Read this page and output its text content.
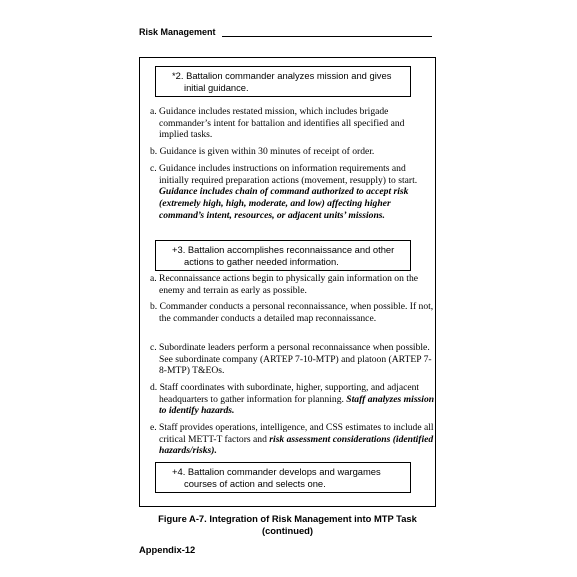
Risk Management
*2. Battalion commander analyzes mission and gives
initial guidance.
a. Guidance includes restated mission, which includes brigade commander’s intent for battalion and identifies all specified and implied tasks.
b. Guidance is given within 30 minutes of receipt of order.
c. Guidance includes instructions on information requirements and initially required preparation actions (movement, resupply) to start. Guidance includes chain of command authorized to accept risk (extremely high, high, moderate, and low) affecting higher command’s intent, resources, or adjacent units’ missions.
+3. Battalion accomplishes reconnaissance and other
actions to gather needed information.
a. Reconnaissance actions begin to physically gain information on the enemy and terrain as early as possible.
b. Commander conducts a personal reconnaissance, when possible. If not, the commander conducts a detailed map reconnaissance.
c. Subordinate leaders perform a personal reconnaissance when possible. See subordinate company (ARTEP 7-10-MTP) and platoon (ARTEP 7-8-MTP) T&EOs.
d. Staff coordinates with subordinate, higher, supporting, and adjacent headquarters to gather information for planning. Staff analyzes mission to identify hazards.
e. Staff provides operations, intelligence, and CSS estimates to include all critical METT-T factors and risk assessment considerations (identified hazards/risks).
+4. Battalion commander develops and wargames
courses of action and selects one.
Figure A-7. Integration of Risk Management into MTP Task
(continued)
Appendix-12
